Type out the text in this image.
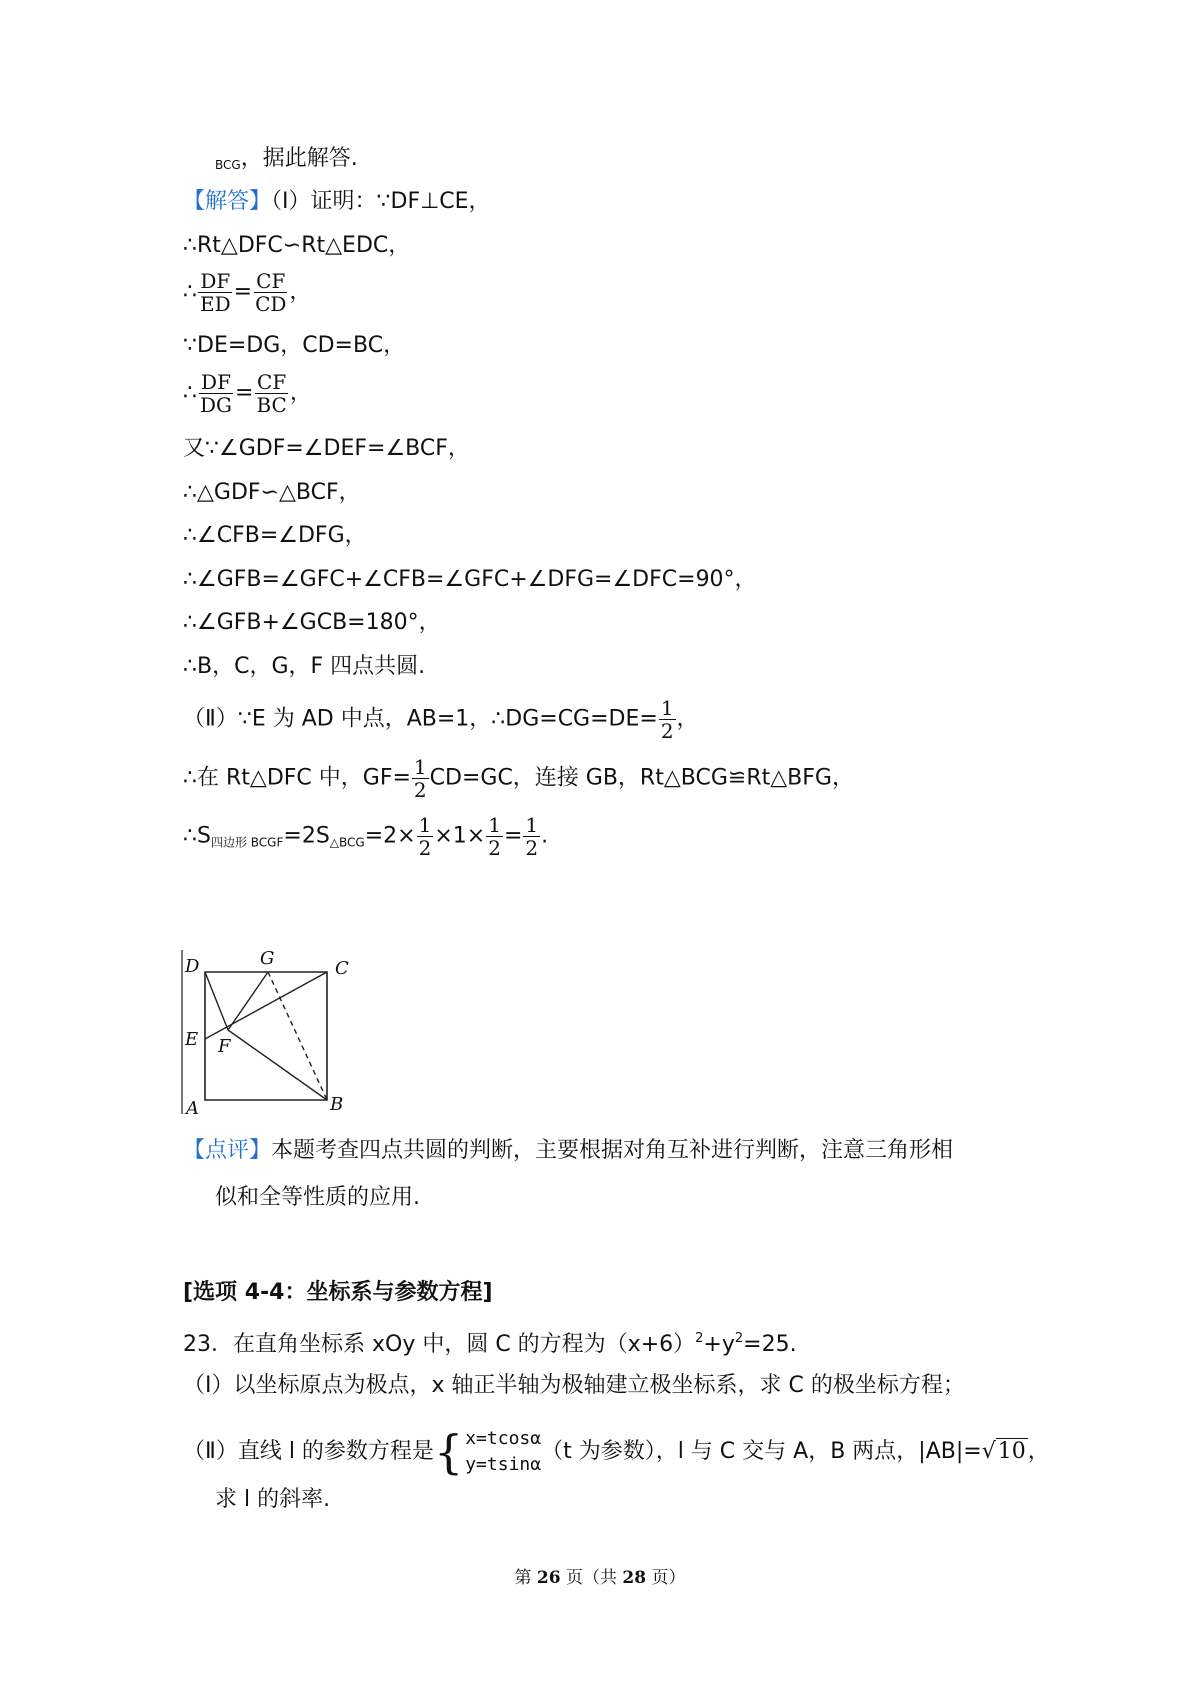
$_{BCG}$，据此解答.
【解答】（Ⅰ）证明：∵DF⊥CE，
∴Rt△DFC∽Rt△EDC，
∴ $\frac{DF}{ED} = \frac{CF}{CD}$ ，
∵DE=DG，CD=BC，
∴ $\frac{DF}{DG} = \frac{CF}{BC}$ ，
又∵∠GDF=∠DEF=∠BCF，
∴△GDF∽△BCF，
∴∠CFB=∠DFG，
∴∠GFB=∠GFC+∠CFB=∠GFC+∠DFG=∠DFC=90°，
∴∠GFB+∠GCB=180°，
∴B，C，G，F 四点共圆.
（Ⅱ）∵E 为 AD 中点，AB=1，∴DG=CG=DE= $\frac{1}{2}$ ，
∴在 Rt△DFC 中，$GF= \frac{1}{2} CD=GC$，连接 GB，Rt△BCG≌Rt△BFG，
$\therefore S_{四边形 BCGF}=2S_{\triangle BCG}=2\times \frac{1}{2} \times 1\times \frac{1}{2} = \frac{1}{2}$ .
D	G	C
E F
A	B
【点评】本题考查四点共圆的判断，主要根据对角互补进行判断，注意三角形相
似和全等性质的应用.
[选项 4-4：坐标系与参数方程]
23．在直角坐标系 xOy 中，圆 C 的方程为$(x+6)^2+y^2=25$.
（Ⅰ）以坐标原点为极点，x 轴正半轴为极轴建立极坐标系，求 C 的极坐标方程；
（Ⅱ）直线 l 的参数方程是 { x=tcosα
y=tsinα
（t 为参数），l 与 C 交与 A，B 两点，|AB|=√10，
求 l 的斜率.
第 26 页（共 28 页）
